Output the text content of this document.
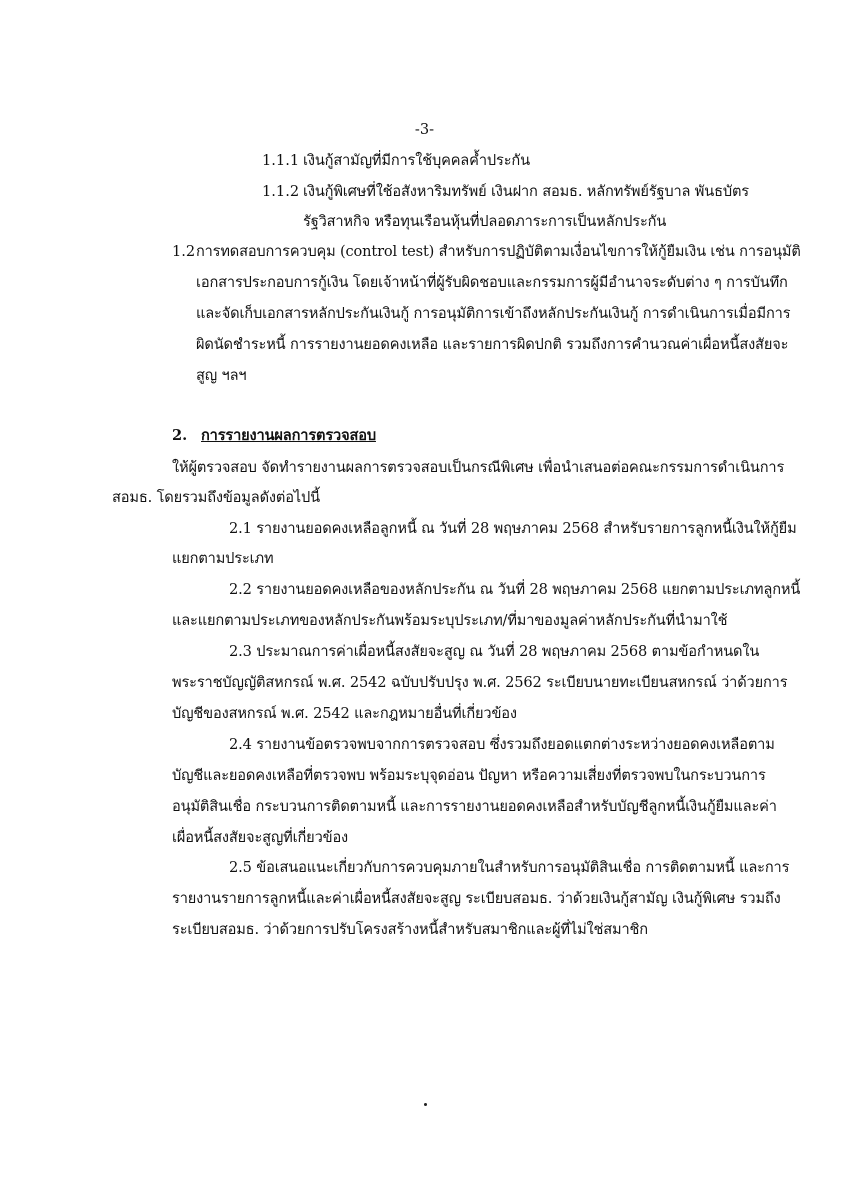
-3-
1.1.1 เงินกู้สามัญที่มีการใช้บุคคลค้ำประกัน
1.1.2 เงินกู้พิเศษที่ใช้อสังหาริมทรัพย์ เงินฝาก สอมธ. หลักทรัพย์รัฐบาล พันธบัตร
รัฐวิสาหกิจ หรือทุนเรือนหุ้นที่ปลอดภาระการเป็นหลักประกัน
1.2 การทดสอบการควบคุม (control test) สำหรับการปฏิบัติตามเงื่อนไขการให้กู้ยืมเงิน เช่น การอนุมัติ
เอกสารประกอบการกู้เงิน โดยเจ้าหน้าที่ผู้รับผิดชอบและกรรมการผู้มีอำนาจระดับต่าง ๆ การบันทึก
และจัดเก็บเอกสารหลักประกันเงินกู้ การอนุมัติการเข้าถึงหลักประกันเงินกู้ การดำเนินการเมื่อมีการ
ผิดนัดชำระหนี้ การรายงานยอดคงเหลือ และรายการผิดปกติ รวมถึงการคำนวณค่าเผื่อหนี้สงสัยจะ
สูญ ฯลฯ
2. การรายงานผลการตรวจสอบ
ให้ผู้ตรวจสอบ จัดทำรายงานผลการตรวจสอบเป็นกรณีพิเศษ เพื่อนำเสนอต่อคณะกรรมการดำเนินการ
สอมธ. โดยรวมถึงข้อมูลดังต่อไปนี้
2.1 รายงานยอดคงเหลือลูกหนี้ ณ วันที่ 28 พฤษภาคม 2568 สำหรับรายการลูกหนี้เงินให้กู้ยืม
แยกตามประเภท
2.2 รายงานยอดคงเหลือของหลักประกัน ณ วันที่ 28 พฤษภาคม 2568 แยกตามประเภทลูกหนี้
และแยกตามประเภทของหลักประกันพร้อมระบุประเภท/ที่มาของมูลค่าหลักประกันที่นำมาใช้
2.3 ประมาณการค่าเผื่อหนี้สงสัยจะสูญ ณ วันที่ 28 พฤษภาคม 2568 ตามข้อกำหนดใน
พระราชบัญญัติสหกรณ์ พ.ศ. 2542 ฉบับปรับปรุง พ.ศ. 2562 ระเบียบนายทะเบียนสหกรณ์ ว่าด้วยการ
บัญชีของสหกรณ์ พ.ศ. 2542 และกฎหมายอื่นที่เกี่ยวข้อง
2.4 รายงานข้อตรวจพบจากการตรวจสอบ ซึ่งรวมถึงยอดแตกต่างระหว่างยอดคงเหลือตาม
บัญชีและยอดคงเหลือที่ตรวจพบ พร้อมระบุจุดอ่อน ปัญหา หรือความเสี่ยงที่ตรวจพบในกระบวนการ
อนุมัติสินเชื่อ กระบวนการติดตามหนี้ และการรายงานยอดคงเหลือสำหรับบัญชีลูกหนี้เงินกู้ยืมและค่า
เผื่อหนี้สงสัยจะสูญที่เกี่ยวข้อง
2.5 ข้อเสนอแนะเกี่ยวกับการควบคุมภายในสำหรับการอนุมัติสินเชื่อ การติดตามหนี้ และการ
รายงานรายการลูกหนี้และค่าเผื่อหนี้สงสัยจะสูญ ระเบียบสอมธ. ว่าด้วยเงินกู้สามัญ เงินกู้พิเศษ รวมถึง
ระเบียบสอมธ. ว่าด้วยการปรับโครงสร้างหนี้สำหรับสมาชิกและผู้ที่ไม่ใช่สมาชิก
